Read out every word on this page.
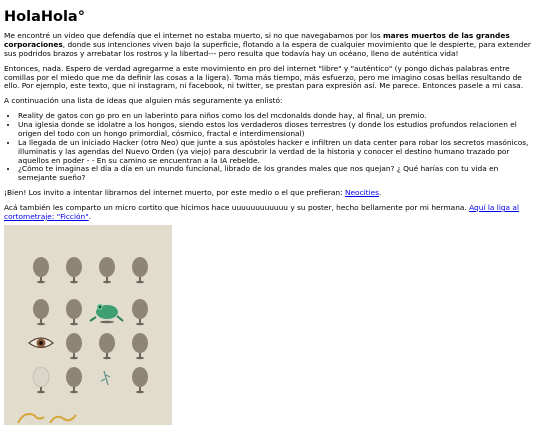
HolaHola°

Me encontré un video que defendía que el internet no estaba muerto, si no que navegabamos por los mares muertos de las grandes corporaciones, donde sus intenciones viven bajo la superficie, flotando a la espera de cualquier movimiento que le despierte, para extender sus podridos brazos y arrebatar los rostros y la libertad--- pero resulta que todavía hay un océano, lleno de auténtica vida!

Entonces, nada. Espero de verdad agregarme a este movimiento en pro del internet "libre" y "auténtico" (y pongo dichas palabras entre comillas por el miedo que me da definir las cosas a la ligera). Toma más tiempo, más esfuerzo, pero me imagino cosas bellas resultando de ello. Por ejemplo, este texto, que ni instagram, ni facebook, ni twitter, se prestan para expresión así. Me parece. Entonces pasele a mi casa.

A continuación una lista de ideas que alguien más seguramente ya enlistó:

• Reality de gatos con go pro en un laberinto para niños como los del mcdonalds donde hay, al final, un premio.
• Una iglesia donde se idolatre a los hongos, siendo estos los verdaderos dioses terrestres (y donde los estudios profundos relacionen el origen del todo con un hongo primordial, cósmico, fractal e interdimensional)
• La llegada de un iniciado Hacker (otro Neo) que junte a sus apóstoles hacker e infiltren un data center para robar los secretos masónicos, illuminatis y las agendas del Nuevo Orden (ya viejo) para descubrir la verdad de la historia y conocer el destino humano trazado por aquellos en poder - - En su camino se encuentran a la IA rebelde.
• ¿Cómo te imaginas el día a día en un mundo funcional, librado de los grandes males que nos quejan? ¿ Qué harías con tu vida en semejante sueño?

¡Bien! Los invito a intentar librarnos del internet muerto, por este medio o el que prefieran: Neocities.

Acá también les comparto un micro cortito que hicimos hace uuuuuuuuuuuu y su poster, hecho bellamente por mi hermana. Aquí la liga al cortometraje: "Ficción".
